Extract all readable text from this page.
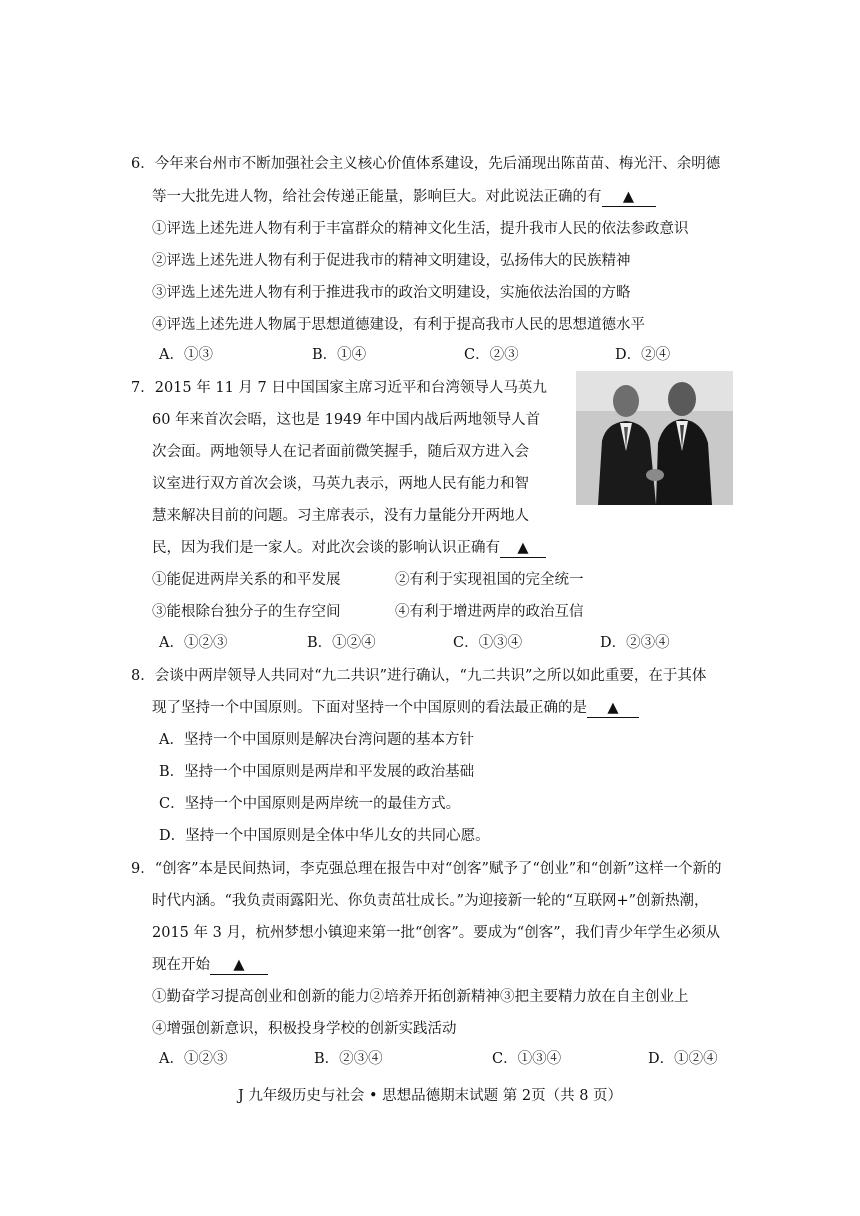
6．今年来台州市不断加强社会主义核心价值体系建设，先后涌现出陈苗苗、梅光汗、余明德
等一大批先进人物，给社会传递正能量，影响巨大。对此说法正确的有 ▲
①评选上述先进人物有利于丰富群众的精神文化生活，提升我市人民的依法参政意识
②评选上述先进人物有利于促进我市的精神文明建设，弘扬伟大的民族精神
③评选上述先进人物有利于推进我市的政治文明建设，实施依法治国的方略
④评选上述先进人物属于思想道德建设，有利于提高我市人民的思想道德水平
A．①③	B．①④	C．②③	D．②④
7．2015 年 11 月 7 日中国国家主席习近平和台湾领导人马英九
60 年来首次会晤，这也是 1949 年中国内战后两地领导人首
次会面。两地领导人在记者面前微笑握手，随后双方进入会
议室进行双方首次会谈，马英九表示，两地人民有能力和智
慧来解决目前的问题。习主席表示，没有力量能分开两地人
民，因为我们是一家人。对此次会谈的影响认识正确有 ▲
①能促进两岸关系的和平发展	②有利于实现祖国的完全统一
③能根除台独分子的生存空间	④有利于增进两岸的政治互信
A．①②③	B．①②④	C．①③④	D．②③④
8．会谈中两岸领导人共同对“九二共识”进行确认，“九二共识”之所以如此重要，在于其体
现了坚持一个中国原则。下面对坚持一个中国原则的看法最正确的是 ▲
A．坚持一个中国原则是解决台湾问题的基本方针
B．坚持一个中国原则是两岸和平发展的政治基础
C．坚持一个中国原则是两岸统一的最佳方式。
D．坚持一个中国原则是全体中华儿女的共同心愿。
9．“创客”本是民间热词，李克强总理在报告中对“创客”赋予了“创业”和“创新”这样一个新的
时代内涵。“我负责雨露阳光、你负责茁壮成长。”为迎接新一轮的“互联网+”创新热潮，
2015 年 3 月，杭州梦想小镇迎来第一批“创客”。要成为“创客”，我们青少年学生必须从
现在开始 ▲
①勤奋学习提高创业和创新的能力②培养开拓创新精神③把主要精力放在自主创业上
④增强创新意识，积极投身学校的创新实践活动
A．①②③	B．②③④	C．①③④	D．①②④
J 九年级历史与社会 • 思想品德期末试题 第 2页（共 8 页）
